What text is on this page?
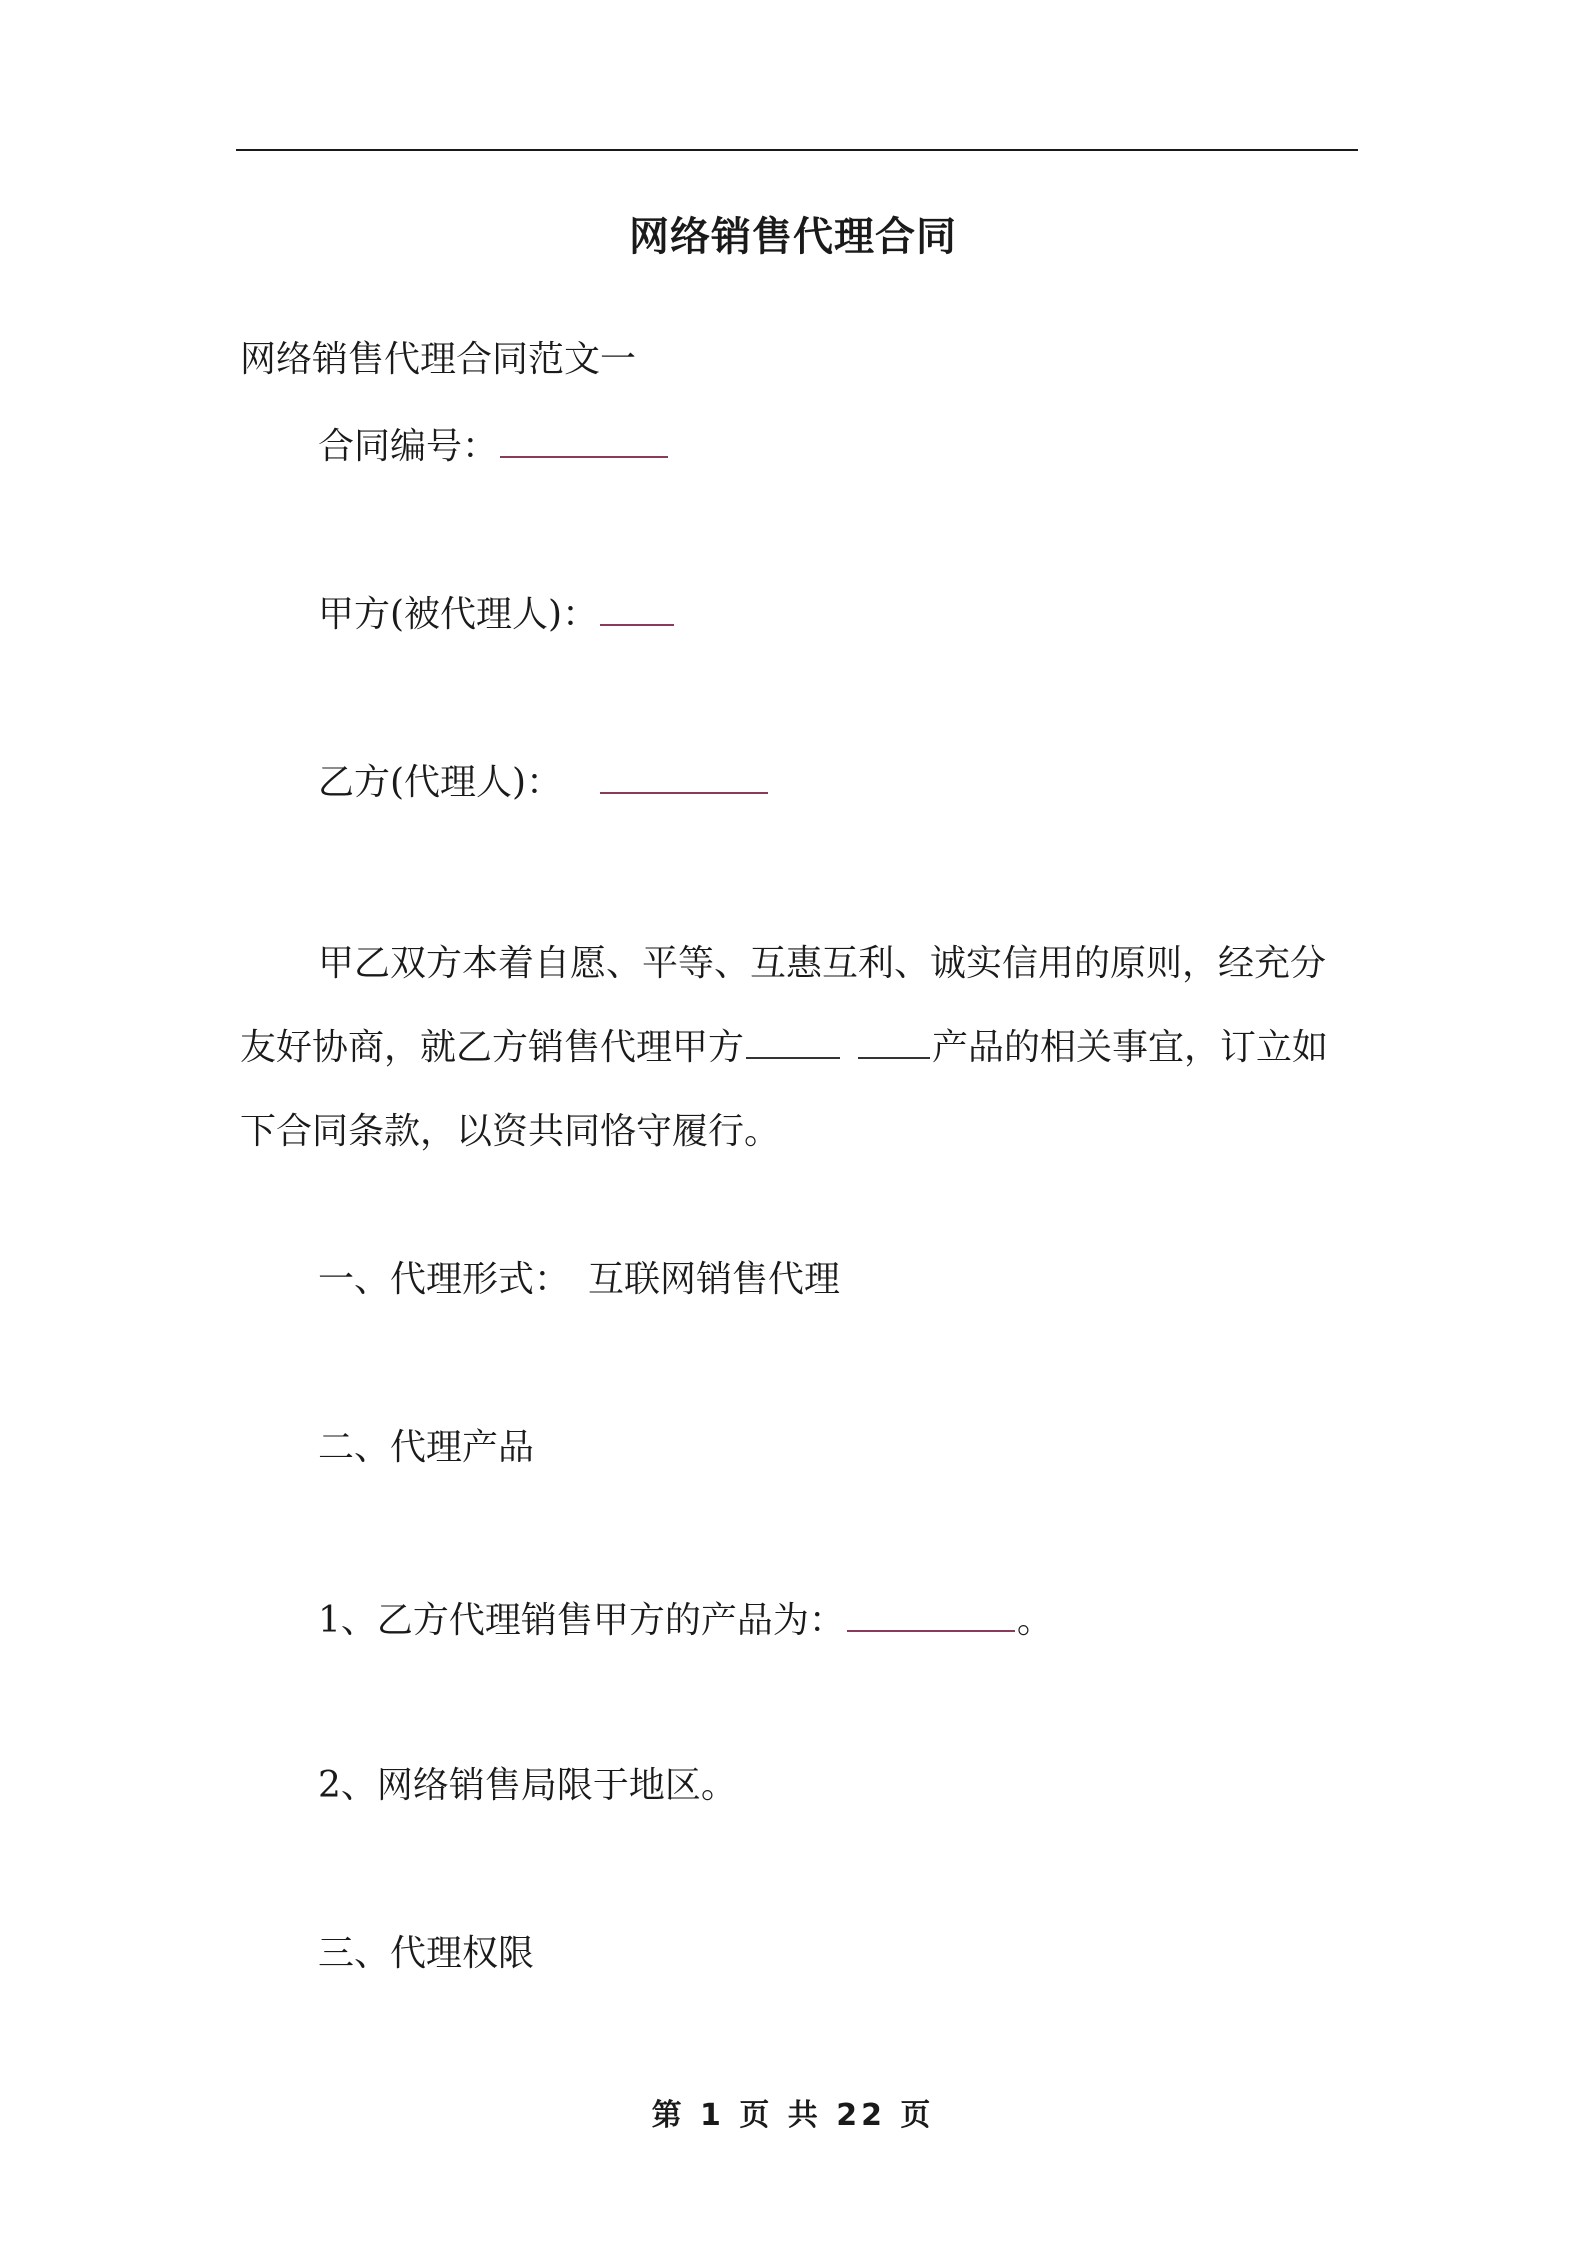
网络销售代理合同
网络销售代理合同范文一
合同编号：
甲方(被代理人)：
乙方(代理人)：
甲乙双方本着自愿、平等、互惠互利、诚实信用的原则，经充分
友好协商，就乙方销售代理甲方	产品的相关事宜，订立如
下合同条款，以资共同恪守履行。
一、代理形式：　互联网销售代理
二、代理产品
1、乙方代理销售甲方的产品为：	。
2、网络销售局限于地区。
三、代理权限
第 1 页 共 22 页
